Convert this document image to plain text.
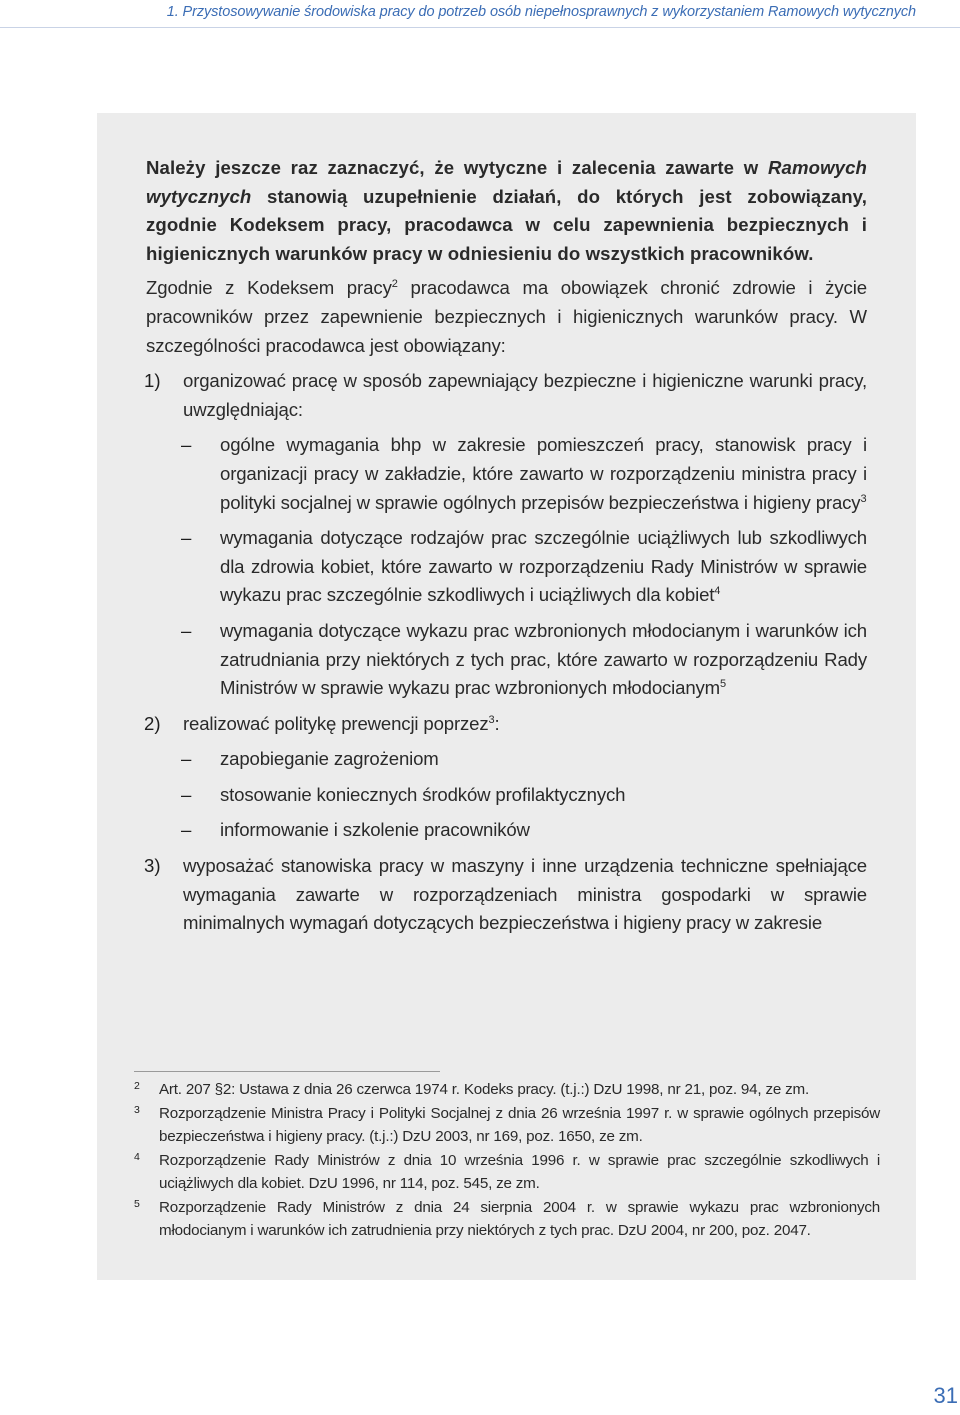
1. Przystosowywanie środowiska pracy do potrzeb osób niepełnosprawnych z wykorzystaniem Ramowych wytycznych

Należy jeszcze raz zaznaczyć, że wytyczne i zalecenia zawarte w Ramowych wytycznych stanowią uzupełnienie działań, do których jest zobowiązany, zgodnie Kodeksem pracy, pracodawca w celu zapewnienia bezpiecznych i higienicznych warunków pracy w odniesieniu do wszystkich pracowników.

Zgodnie z Kodeksem pracy$^2$ pracodawca ma obowiązek chronić zdrowie i życie pracowników przez zapewnienie bezpiecznych i higienicznych warunków pracy. W szczególności pracodawca jest obowiązany:

1) organizować pracę w sposób zapewniający bezpieczne i higieniczne warunki pracy, uwzględniając:
– ogólne wymagania bhp w zakresie pomieszczeń pracy, stanowisk pracy i organizacji pracy w zakładzie, które zawarto w rozporządzeniu ministra pracy i polityki socjalnej w sprawie ogólnych przepisów bezpieczeństwa i higieny pracy$^3$
– wymagania dotyczące rodzajów prac szczególnie uciążliwych lub szkodliwych dla zdrowia kobiet, które zawarto w rozporządzeniu Rady Ministrów w sprawie wykazu prac szczególnie szkodliwych i uciążliwych dla kobiet$^4$
– wymagania dotyczące wykazu prac wzbronionych młodocianym i warunków ich zatrudniania przy niektórych z tych prac, które zawarto w rozporządzeniu Rady Ministrów w sprawie wykazu prac wzbronionych młodocianym$^5$
2) realizować politykę prewencji poprzez$^3$:
– zapobieganie zagrożeniom
– stosowanie koniecznych środków profilaktycznych
– informowanie i szkolenie pracowników
3) wyposażać stanowiska pracy w maszyny i inne urządzenia techniczne spełniające wymagania zawarte w rozporządzeniach ministra gospodarki w sprawie minimalnych wymagań dotyczących bezpieczeństwa i higieny pracy w zakresie
2 Art. 207 §2: Ustawa z dnia 26 czerwca 1974 r. Kodeks pracy. (t.j.:) DzU 1998, nr 21, poz. 94, ze zm.
3 Rozporządzenie Ministra Pracy i Polityki Socjalnej z dnia 26 września 1997 r. w sprawie ogólnych przepisów bezpieczeństwa i higieny pracy. (t.j.:) DzU 2003, nr 169, poz. 1650, ze zm.
4 Rozporządzenie Rady Ministrów z dnia 10 września 1996 r. w sprawie prac szczególnie szkodliwych i uciążliwych dla kobiet. DzU 1996, nr 114, poz. 545, ze zm.
5 Rozporządzenie Rady Ministrów z dnia 24 sierpnia 2004 r. w sprawie wykazu prac wzbronionych młodocianym i warunków ich zatrudnienia przy niektórych z tych prac. DzU 2004, nr 200, poz. 2047.
31
